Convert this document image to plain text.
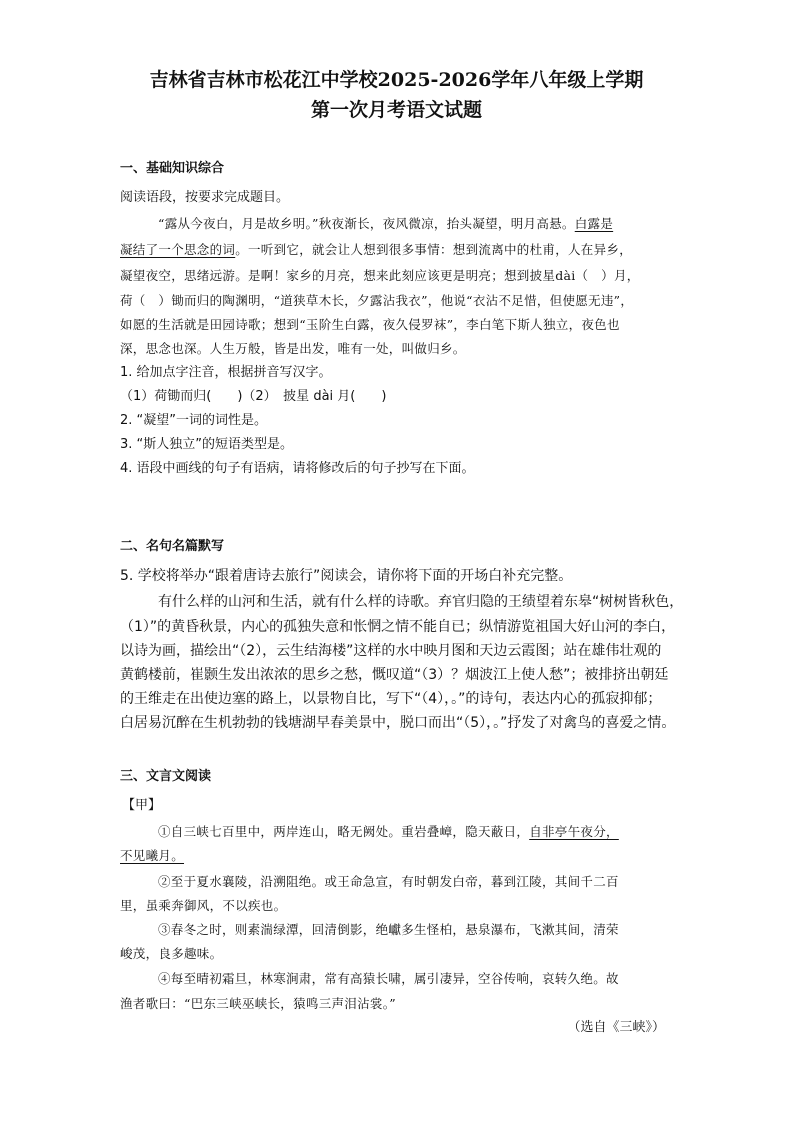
吉林省吉林市松花江中学校2025-2026学年八年级上学期
第一次月考语文试题
一、基础知识综合
阅读语段，按要求完成题目。
“露从今夜白，月是故乡明。”秋夜渐长，夜风微凉，抬头凝望，明月高悬。白露是
凝结了一个思念的词。一听到它，就会让人想到很多事情：想到流离中的杜甫，人在异乡，
凝望夜空，思绪远游。是啊！家乡的月亮，想来此刻应该更是明亮；想到披星dài（　）月，
荷（　）锄而归的陶渊明，“道狭草木长，夕露沾我衣”，他说“衣沾不足惜，但使愿无违”，
如愿的生活就是田园诗歌；想到“玉阶生白露，夜久侵罗袜”，李白笔下斯人独立，夜色也
深，思念也深。人生万般，皆是出发，唯有一处，叫做归乡。
1. 给加点字注音，根据拼音写汉字。
（1）荷锄而归(　　)（2）　披星 dài 月(　　)
2. “凝望”一词的词性是。
3. “斯人独立”的短语类型是。
4. 语段中画线的句子有语病，请将修改后的句子抄写在下面。
二、名句名篇默写
5. 学校将举办“跟着唐诗去旅行”阅读会，请你将下面的开场白补充完整。
有什么样的山河和生活，就有什么样的诗歌。弃官归隐的王绩望着东皋“树树皆秋色，
（1）”的黄昏秋景，内心的孤独失意和怅惘之情不能自已；纵情游览祖国大好山河的李白，
以诗为画，描绘出“（2），云生结海楼”这样的水中映月图和天边云霞图；站在雄伟壮观的
黄鹤楼前，崔颢生发出浓浓的思乡之愁，慨叹道“（3）？烟波江上使人愁”；被排挤出朝廷
的王维走在出使边塞的路上，以景物自比，写下“（4），。”的诗句，表达内心的孤寂抑郁；
白居易沉醉在生机勃勃的钱塘湖早春美景中，脱口而出“（5），。”抒发了对禽鸟的喜爱之情。
三、文言文阅读
【甲】
①自三峡七百里中，两岸连山，略无阙处。重岩叠嶂，隐天蔽日，自非亭午夜分，
不见曦月。
②至于夏水襄陵，沿溯阻绝。或王命急宣，有时朝发白帝，暮到江陵，其间千二百
里，虽乘奔御风，不以疾也。
③春冬之时，则素湍绿潭，回清倒影，绝巘多生怪柏，悬泉瀑布，飞漱其间，清荣
峻茂，良多趣味。
④每至晴初霜旦，林寒涧肃，常有高猿长啸，属引凄异，空谷传响，哀转久绝。故
渔者歌曰：“巴东三峡巫峡长，猿鸣三声泪沾裳。”
（选自《三峡》）
